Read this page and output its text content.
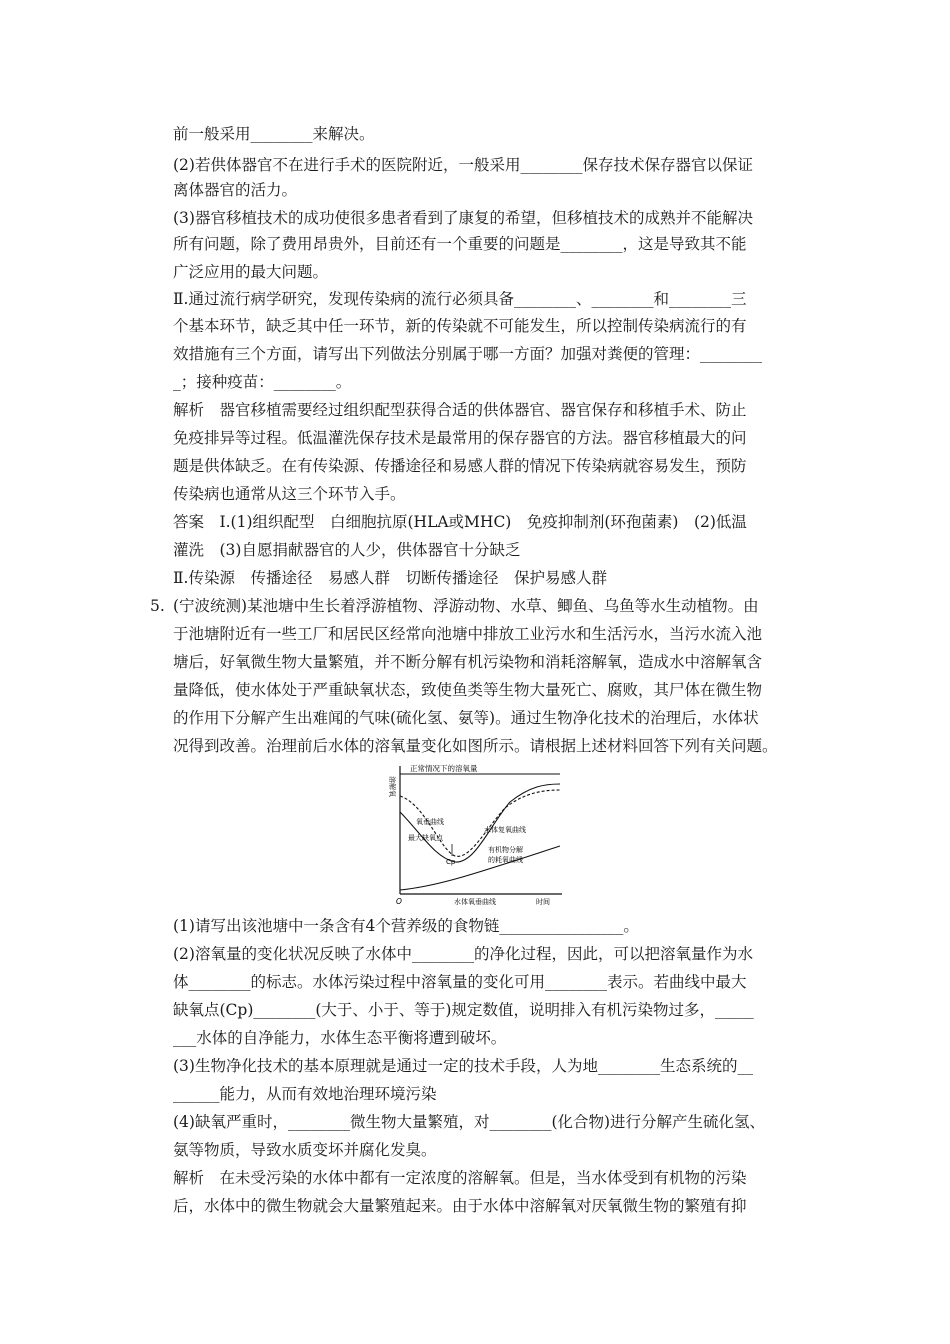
前一般采用________来解决。
(2)若供体器官不在进行手术的医院附近，一般采用________保存技术保存器官以保证
离体器官的活力。
(3)器官移植技术的成功使很多患者看到了康复的希望，但移植技术的成熟并不能解决
所有问题，除了费用昂贵外，目前还有一个重要的问题是________，这是导致其不能
广泛应用的最大问题。
Ⅱ.通过流行病学研究，发现传染病的流行必须具备________、________和________三
个基本环节，缺乏其中任一环节，新的传染就不可能发生，所以控制传染病流行的有
效措施有三个方面，请写出下列做法分别属于哪一方面？加强对粪便的管理：________
_；接种疫苗：________。
解析　器官移植需要经过组织配型获得合适的供体器官、器官保存和移植手术、防止
免疫排异等过程。低温灌洗保存技术是最常用的保存器官的方法。器官移植最大的问
题是供体缺乏。在有传染源、传播途径和易感人群的情况下传染病就容易发生，预防
传染病也通常从这三个环节入手。
答案　Ⅰ.(1)组织配型　白细胞抗原(HLA或MHC)　免疫抑制剂(环孢菌素)　(2)低温
灌洗　(3)自愿捐献器官的人少，供体器官十分缺乏
Ⅱ.传染源　传播途径　易感人群　切断传播途径　保护易感人群
5. (宁波统测)某池塘中生长着浮游植物、浮游动物、水草、鲫鱼、乌鱼等水生动植物。由
于池塘附近有一些工厂和居民区经常向池塘中排放工业污水和生活污水，当污水流入池
塘后，好氧微生物大量繁殖，并不断分解有机污染物和消耗溶解氧，造成水中溶解氧含
量降低，使水体处于严重缺氧状态，致使鱼类等生物大量死亡、腐败，其尸体在微生物
的作用下分解产生出难闻的气味(硫化氢、氨等)。通过生物净化技术的治理后，水体状
况得到改善。治理前后水体的溶氧量变化如图所示。请根据上述材料回答下列有关问题。
溶解氧
正常情况下的溶氧量
氧垂曲线
最大缺氧点
Cp
水体复氧曲线
有机物分解
的耗氧曲线
O	水体氧垂曲线	时间
(1)请写出该池塘中一条含有4个营养级的食物链________________。
(2)溶氧量的变化状况反映了水体中________的净化过程，因此，可以把溶氧量作为水
体________的标志。水体污染过程中溶氧量的变化可用________表示。若曲线中最大
缺氧点(Cp)________(大于、小于、等于)规定数值，说明排入有机污染物过多，_____
___水体的自净能力，水体生态平衡将遭到破坏。
(3)生物净化技术的基本原理就是通过一定的技术手段，人为地________生态系统的__
______能力，从而有效地治理环境污染
(4)缺氧严重时，________微生物大量繁殖，对________(化合物)进行分解产生硫化氢、
氨等物质，导致水质变坏并腐化发臭。
解析　在未受污染的水体中都有一定浓度的溶解氧。但是，当水体受到有机物的污染
后，水体中的微生物就会大量繁殖起来。由于水体中溶解氧对厌氧微生物的繁殖有抑
